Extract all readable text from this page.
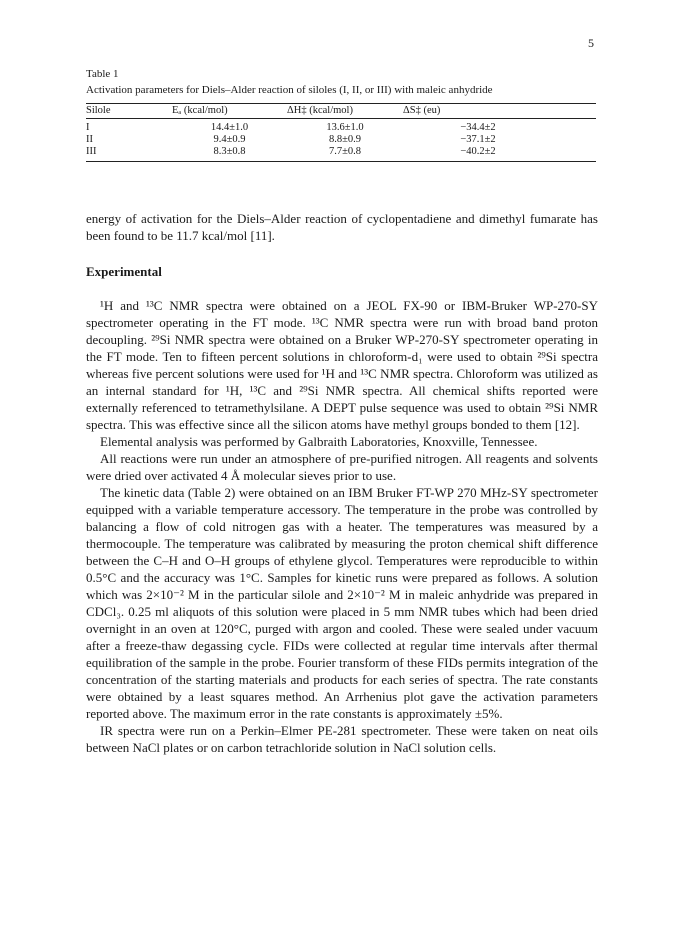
5
Table 1
Activation parameters for Diels–Alder reaction of siloles (I, II, or III) with maleic anhydride
Silole	Eₐ (kcal/mol)	ΔH‡ (kcal/mol)	ΔS‡ (eu)	
I	14.4±1.0	13.6±1.0	−34.4±2	
II	9.4±0.9	8.8±0.9	−37.1±2	
III	8.3±0.8	7.7±0.8	−40.2±2	

energy of activation for the Diels–Alder reaction of cyclopentadiene and dimethyl fumarate has been found to be 11.7 kcal/mol [11].

Experimental

¹H and ¹³C NMR spectra were obtained on a JEOL FX-90 or IBM-Bruker WP-270-SY spectrometer operating in the FT mode. ¹³C NMR spectra were run with broad band proton decoupling. ²⁹Si NMR spectra were obtained on a Bruker WP-270-SY spectrometer operating in the FT mode. Ten to fifteen percent solutions in chloroform-d₁ were used to obtain ²⁹Si spectra whereas five percent solutions were used for ¹H and ¹³C NMR spectra. Chloroform was utilized as an internal standard for ¹H, ¹³C and ²⁹Si NMR spectra. All chemical shifts reported were externally referenced to tetramethylsilane. A DEPT pulse sequence was used to obtain ²⁹Si NMR spectra. This was effective since all the silicon atoms have methyl groups bonded to them [12].

Elemental analysis was performed by Galbraith Laboratories, Knoxville, Tennessee.

All reactions were run under an atmosphere of pre-purified nitrogen. All reagents and solvents were dried over activated 4 Å molecular sieves prior to use.

The kinetic data (Table 2) were obtained on an IBM Bruker FT-WP 270 MHz-SY spectrometer equipped with a variable temperature accessory. The temperature in the probe was controlled by balancing a flow of cold nitrogen gas with a heater. The temperatures was measured by a thermocouple. The temperature was calibrated by measuring the proton chemical shift difference between the C–H and O–H groups of ethylene glycol. Temperatures were reproducible to within 0.5°C and the accuracy was 1°C. Samples for kinetic runs were prepared as follows. A solution which was 2×10⁻² M in the particular silole and 2×10⁻² M in maleic anhydride was prepared in CDCl₃. 0.25 ml aliquots of this solution were placed in 5 mm NMR tubes which had been dried overnight in an oven at 120°C, purged with argon and cooled. These were sealed under vacuum after a freeze-thaw degassing cycle. FIDs were collected at regular time intervals after thermal equilibration of the sample in the probe. Fourier transform of these FIDs permits integration of the concentration of the starting materials and products for each series of spectra. The rate constants were obtained by a least squares method. An Arrhenius plot gave the activation parameters reported above. The maximum error in the rate constants is approximately ±5%.

IR spectra were run on a Perkin–Elmer PE-281 spectrometer. These were taken on neat oils between NaCl plates or on carbon tetrachloride solution in NaCl solution cells.
